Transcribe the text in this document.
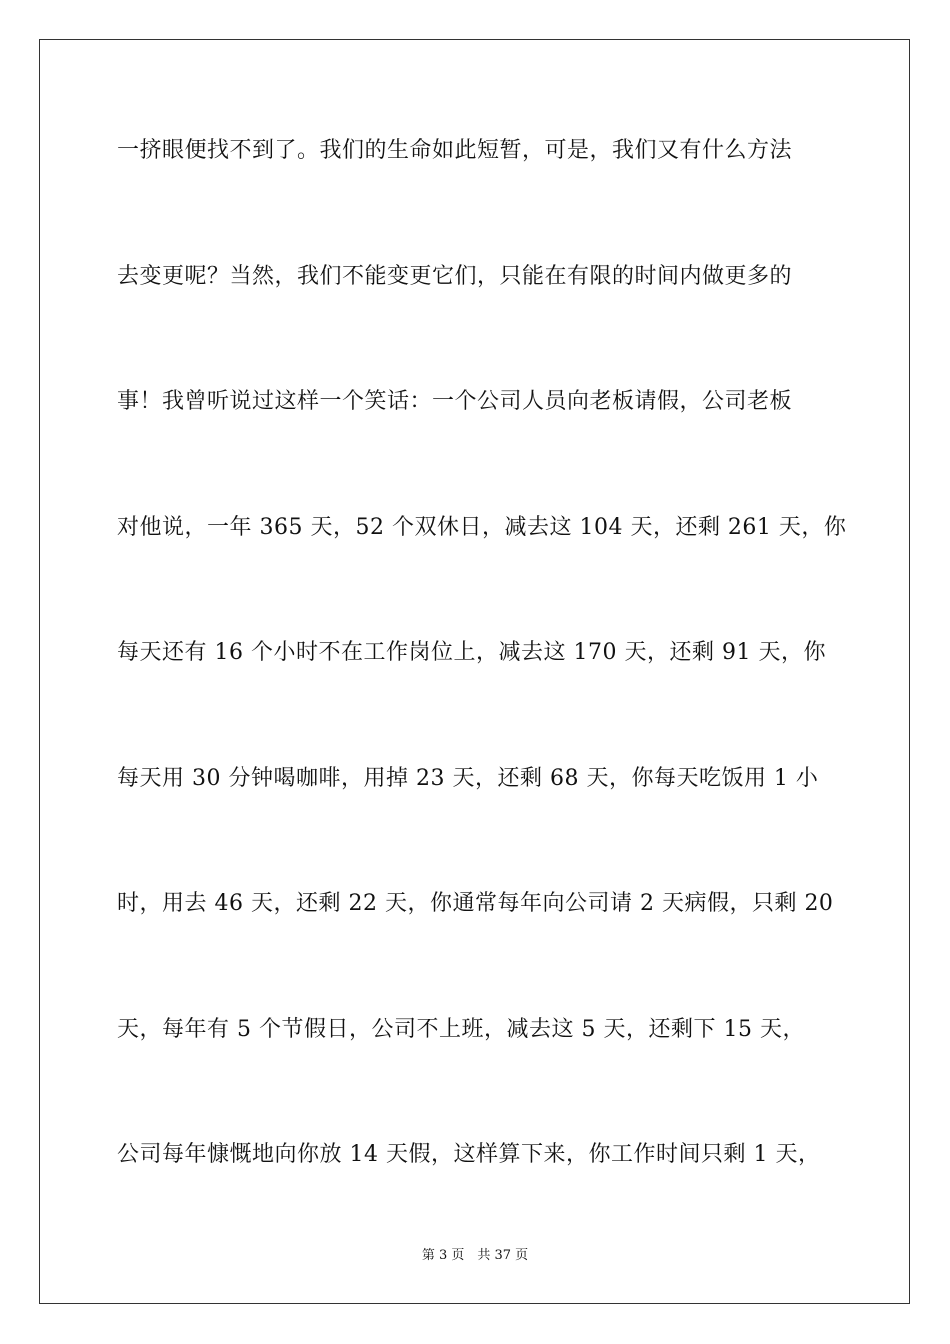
一挤眼便找不到了。我们的生命如此短暂，可是，我们又有什么方法
去变更呢？当然，我们不能变更它们，只能在有限的时间内做更多的
事！我曾听说过这样一个笑话：一个公司人员向老板请假，公司老板
对他说，一年 365 天，52 个双休日，减去这 104 天，还剩 261 天，你
每天还有 16 个小时不在工作岗位上，减去这 170 天，还剩 91 天，你
每天用 30 分钟喝咖啡，用掉 23 天，还剩 68 天，你每天吃饭用 1 小
时，用去 46 天，还剩 22 天，你通常每年向公司请 2 天病假，只剩 20
天，每年有 5 个节假日，公司不上班，减去这 5 天，还剩下 15 天，
公司每年慷慨地向你放 14 天假，这样算下来，你工作时间只剩 1 天，
第 3 页　共 37 页
